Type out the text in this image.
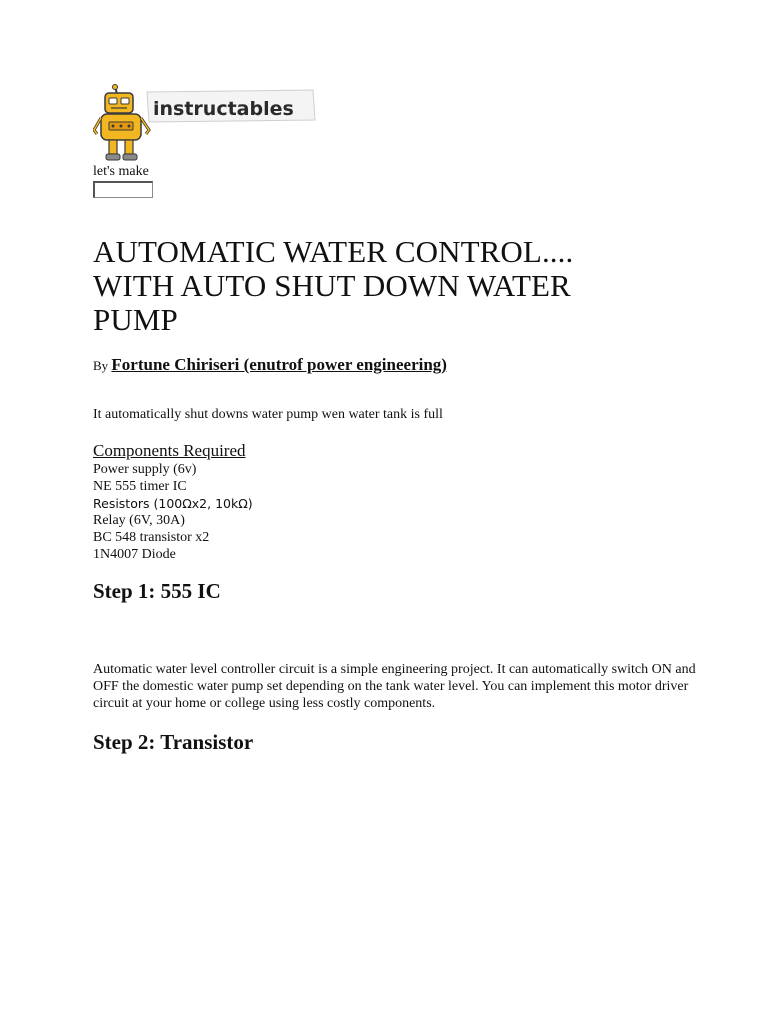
instructables
let's make
AUTOMATIC WATER CONTROL....
WITH AUTO SHUT DOWN WATER
PUMP
By Fortune Chiriseri (enutrof power engineering)
It automatically shut downs water pump wen water tank is full
Components Required
Power supply (6v)
NE 555 timer IC
Resistors (100Ωx2, 10kΩ)
Relay (6V, 30A)
BC 548 transistor x2
1N4007 Diode
Step 1: 555 IC
Automatic water level controller circuit is a simple engineering project. It can automatically switch ON and OFF the domestic water pump set depending on the tank water level. You can implement this motor driver circuit at your home or college using less costly components.
Step 2: Transistor
